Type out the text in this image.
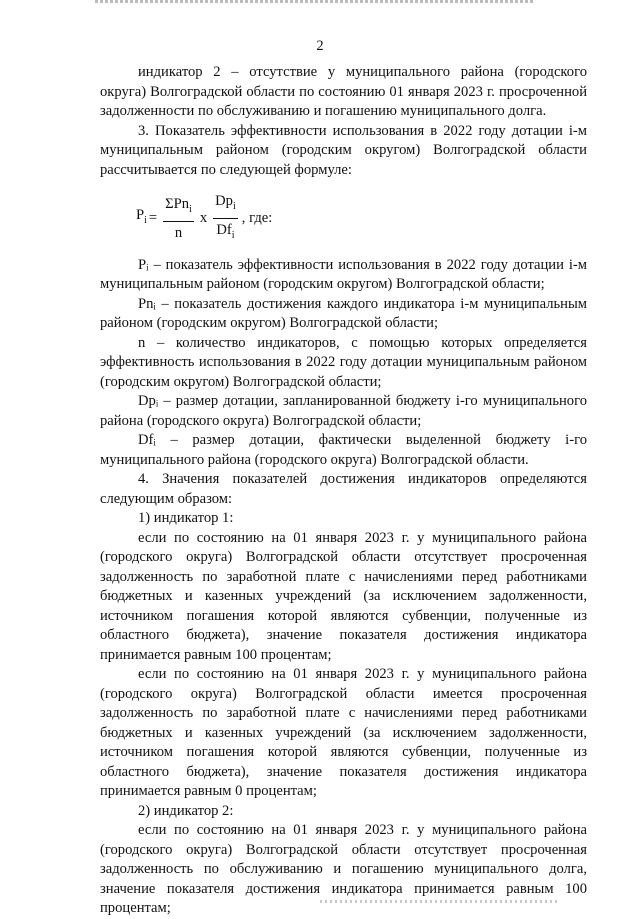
2

индикатор 2 – отсутствие у муниципального района (городского округа) Волгоградской области по состоянию 01 января 2023 г. просроченной задолженности по обслуживанию и погашению муниципального долга.

3. Показатель эффективности использования в 2022 году дотации i-м муниципальным районом (городским округом) Волгоградской области рассчитывается по следующей формуле:

$P_i = \frac{\Sigma Pn_i}{n}$ x $\frac{Dp_i}{Df_i}$ , где:

Pᵢ – показатель эффективности использования в 2022 году дотации i-м муниципальным районом (городским округом) Волгоградской области;

Pnᵢ – показатель достижения каждого индикатора i-м муниципальным районом (городским округом) Волгоградской области;

n – количество индикаторов, с помощью которых определяется эффективность использования в 2022 году дотации муниципальным районом (городским округом) Волгоградской области;

Dpᵢ – размер дотации, запланированной бюджету i-го муниципального района (городского округа) Волгоградской области;

Dfᵢ – размер дотации, фактически выделенной бюджету i-го муниципального района (городского округа) Волгоградской области.

4. Значения показателей достижения индикаторов определяются следующим образом:

1) индикатор 1:

если по состоянию на 01 января 2023 г. у муниципального района (городского округа) Волгоградской области отсутствует просроченная задолженность по заработной плате с начислениями перед работниками бюджетных и казенных учреждений (за исключением задолженности, источником погашения которой являются субвенции, полученные из областного бюджета), значение показателя достижения индикатора принимается равным 100 процентам;

если по состоянию на 01 января 2023 г. у муниципального района (городского округа) Волгоградской области имеется просроченная задолженность по заработной плате с начислениями перед работниками бюджетных и казенных учреждений (за исключением задолженности, источником погашения которой являются субвенции, полученные из областного бюджета), значение показателя достижения индикатора принимается равным 0 процентам;

2) индикатор 2:

если по состоянию на 01 января 2023 г. у муниципального района (городского округа) Волгоградской области отсутствует просроченная задолженность по обслуживанию и погашению муниципального долга, значение показателя достижения индикатора принимается равным 100 процентам;
